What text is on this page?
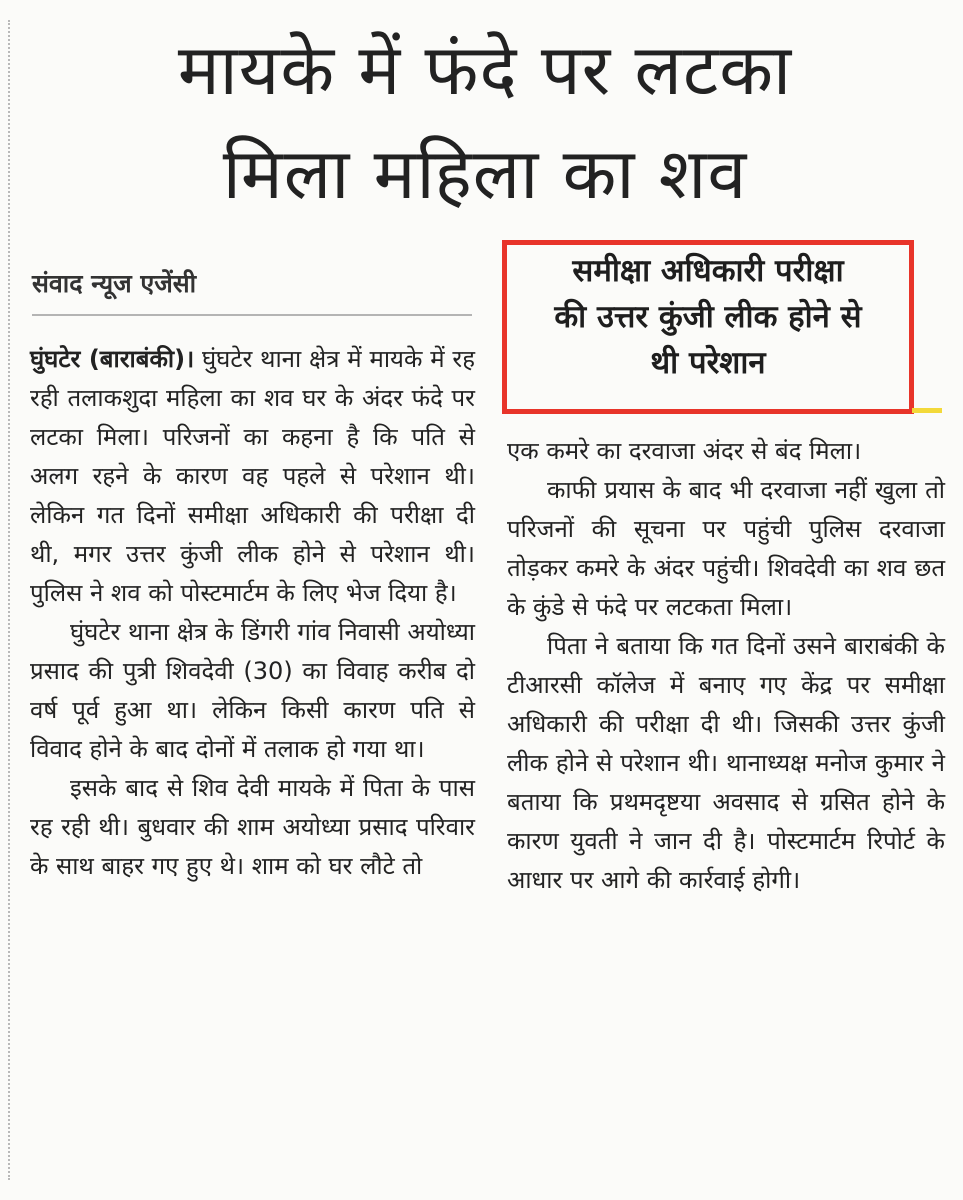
मायके में फंदे पर लटका
मिला महिला का शव
संवाद न्यूज एजेंसी

घुंघटेर (बाराबंकी)। घुंघटेर थाना क्षेत्र में मायके में रह रही तलाकशुदा महिला का शव घर के अंदर फंदे पर लटका मिला। परिजनों का कहना है कि पति से अलग रहने के कारण वह पहले से परेशान थी। लेकिन गत दिनों समीक्षा अधिकारी की परीक्षा दी थी, मगर उत्तर कुंजी लीक होने से परेशान थी। पुलिस ने शव को पोस्टमार्टम के लिए भेज दिया है।

घुंघटेर थाना क्षेत्र के डिंगरी गांव निवासी अयोध्या प्रसाद की पुत्री शिवदेवी (30) का विवाह करीब दो वर्ष पूर्व हुआ था। लेकिन किसी कारण पति से विवाद होने के बाद दोनों में तलाक हो गया था।

इसके बाद से शिव देवी मायके में पिता के पास रह रही थी। बुधवार की शाम अयोध्या प्रसाद परिवार के साथ बाहर गए हुए थे। शाम को घर लौटे तो

समीक्षा अधिकारी परीक्षा
की उत्तर कुंजी लीक होने से
थी परेशान

एक कमरे का दरवाजा अंदर से बंद मिला।

काफी प्रयास के बाद भी दरवाजा नहीं खुला तो परिजनों की सूचना पर पहुंची पुलिस दरवाजा तोड़कर कमरे के अंदर पहुंची। शिवदेवी का शव छत के कुंडे से फंदे पर लटकता मिला।

पिता ने बताया कि गत दिनों उसने बाराबंकी के टीआरसी कॉलेज में बनाए गए केंद्र पर समीक्षा अधिकारी की परीक्षा दी थी। जिसकी उत्तर कुंजी लीक होने से परेशान थी। थानाध्यक्ष मनोज कुमार ने बताया कि प्रथमदृष्टया अवसाद से ग्रसित होने के कारण युवती ने जान दी है। पोस्टमार्टम रिपोर्ट के आधार पर आगे की कार्रवाई होगी।
